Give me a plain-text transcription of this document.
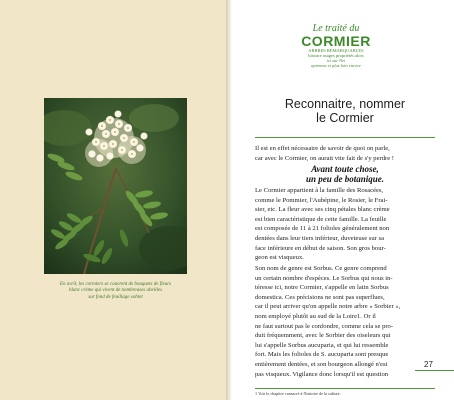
En avril, les cormiers se couvrent de bouquets de fleurs
blanc crème qui vivent de nombreuses abeilles
sur fond de feuillage sobtet
Le traité du
CORMIER
ARBRES REMARQUABLES
histoire usages propriétés alors
ici sur Net
apremur et plus loin encore
Reconnaitre, nommer
le Cormier
Il est en effet nécessaire de savoir de quoi on parle,
car avec le Cormier, on aurait vite fait de s'y perdre !
Avant toute chose,
un peu de botanique.
Le Cormier appartient à la famille des Rosacées,
comme le Pommier, l'Aubépine, le Rosier, le Frai-
sier, etc. La fleur avec ses cinq pétales blanc crème
est bien caractéristique de cette famille. La feuille
est composée de 11 à 21 folioles généralement non
dentées dans leur tiers inférieur, duveteuse sur sa
face inférieure en début de saison. Son gros bour-
geon est visqueux.
Son nom de genre est Sorbus. Ce genre comprend
un certain nombre d'espèces. Le Sorbus qui nous in-
téresse ici, notre Cormier, s'appelle en latin Sorbus
domestica. Ces précisions ne sont pas superflues,
car il peut arriver qu'on appelle notre arbre « Sorbier »,
nom employé plutôt au sud de la Loire1. Or il
ne faut surtout pas le confondre, comme cela se pro-
duit fréquemment, avec le Sorbier des oiseleurs qui
lui s'appelle Sorbus aucuparia, et qui lui ressemble
fort. Mais les folioles de S. aucuparia sont presque
entièrement dentées, et son bourgeon allongé n'est	27
pas visqueux. Vigilance donc lorsqu'il est question
1 Voir le chapitre consacré à l'histoire de la culture.
